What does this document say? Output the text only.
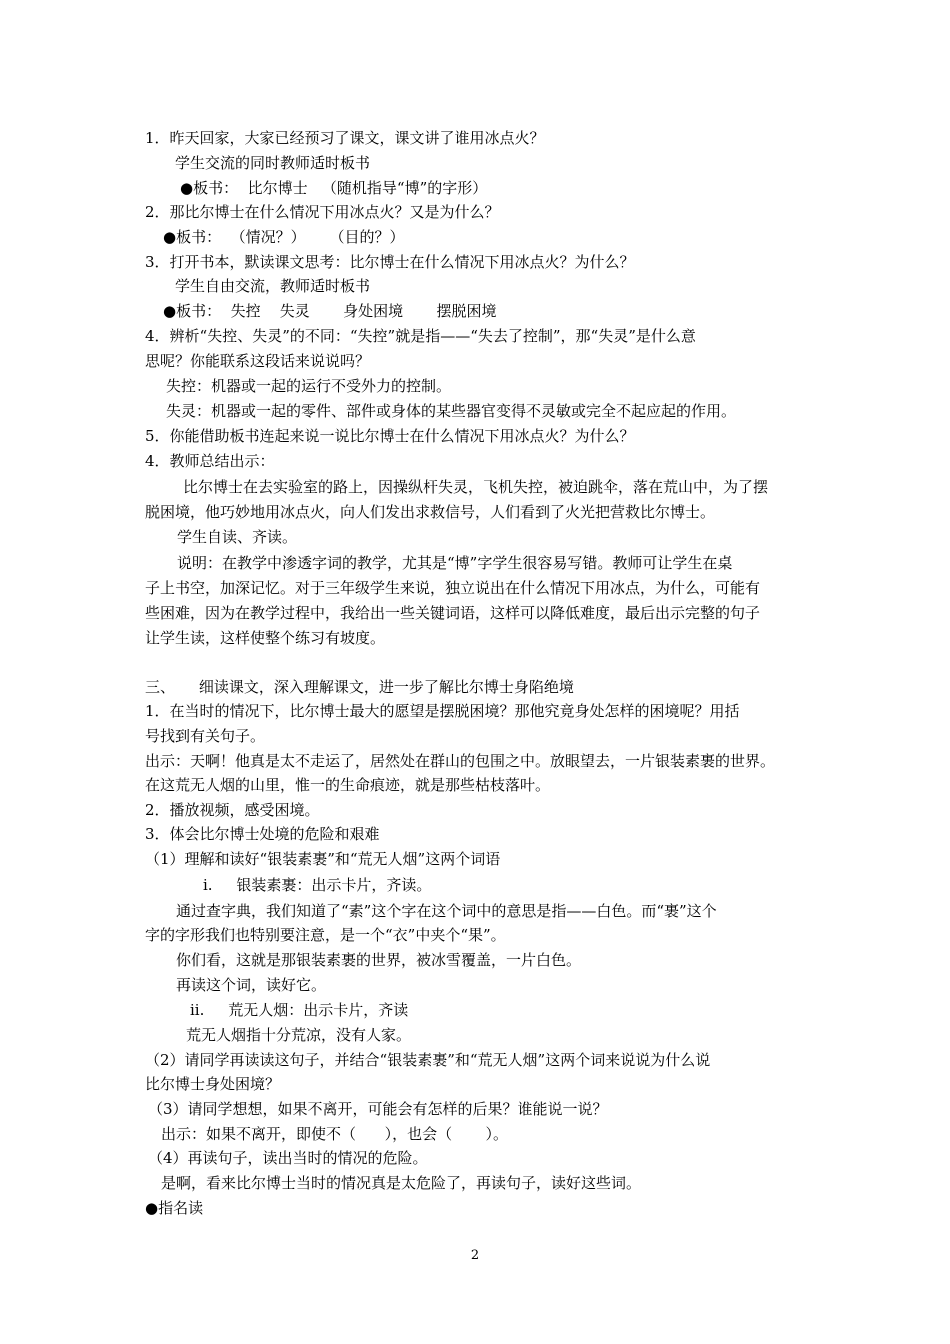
1．昨天回家，大家已经预习了课文，课文讲了谁用冰点火？
学生交流的同时教师适时板书
●板书：  比尔博士   （随机指导“博”的字形）
2．那比尔博士在什么情况下用冰点火？又是为什么？
●板书：  （情况？）     （目的？）
3．打开书本，默读课文思考：比尔博士在什么情况下用冰点火？为什么？
学生自由交流，教师适时板书
●板书：  失控    失灵       身处困境       摆脱困境
4．辨析“失控、失灵”的不同：“失控”就是指——“失去了控制”，那“失灵”是什么意
思呢？你能联系这段话来说说吗？
失控：机器或一起的运行不受外力的控制。
失灵：机器或一起的零件、部件或身体的某些器官变得不灵敏或完全不起应起的作用。
5．你能借助板书连起来说一说比尔博士在什么情况下用冰点火？为什么？
4．教师总结出示：
比尔博士在去实验室的路上，因操纵杆失灵，飞机失控，被迫跳伞，落在荒山中，为了摆
脱困境，他巧妙地用冰点火，向人们发出求救信号，人们看到了火光把营救比尔博士。
学生自读、齐读。
说明：在教学中渗透字词的教学，尤其是“博”字学生很容易写错。教师可让学生在桌
子上书空，加深记忆。对于三年级学生来说，独立说出在什么情况下用冰点，为什么，可能有
些困难，因为在教学过程中，我给出一些关键词语，这样可以降低难度，最后出示完整的句子
让学生读，这样使整个练习有坡度。
三、     细读课文，深入理解课文，进一步了解比尔博士身陷绝境
1．在当时的情况下，比尔博士最大的愿望是摆脱困境？那他究竟身处怎样的困境呢？用括
号找到有关句子。
出示：天啊！他真是太不走运了，居然处在群山的包围之中。放眼望去，一片银装素裹的世界。
在这荒无人烟的山里，惟一的生命痕迹，就是那些枯枝落叶。
2．播放视频，感受困境。
3．体会比尔博士处境的危险和艰难
（1）理解和读好“银装素裹”和“荒无人烟”这两个词语
i.     银装素裹：出示卡片，齐读。
通过查字典，我们知道了“素”这个字在这个词中的意思是指——白色。而“裹”这个
字的字形我们也特别要注意，是一个“衣”中夹个“果”。
你们看，这就是那银装素裹的世界，被冰雪覆盖，一片白色。
再读这个词，读好它。
ii.     荒无人烟：出示卡片，齐读
荒无人烟指十分荒凉，没有人家。
（2）请同学再读读这句子，并结合“银装素裹”和“荒无人烟”这两个词来说说为什么说
比尔博士身处困境？
（3）请同学想想，如果不离开，可能会有怎样的后果？谁能说一说？
出示：如果不离开，即使不（      ），也会（       ）。
（4）再读句子，读出当时的情况的危险。
是啊，看来比尔博士当时的情况真是太危险了，再读句子，读好这些词。
●指名读
2
